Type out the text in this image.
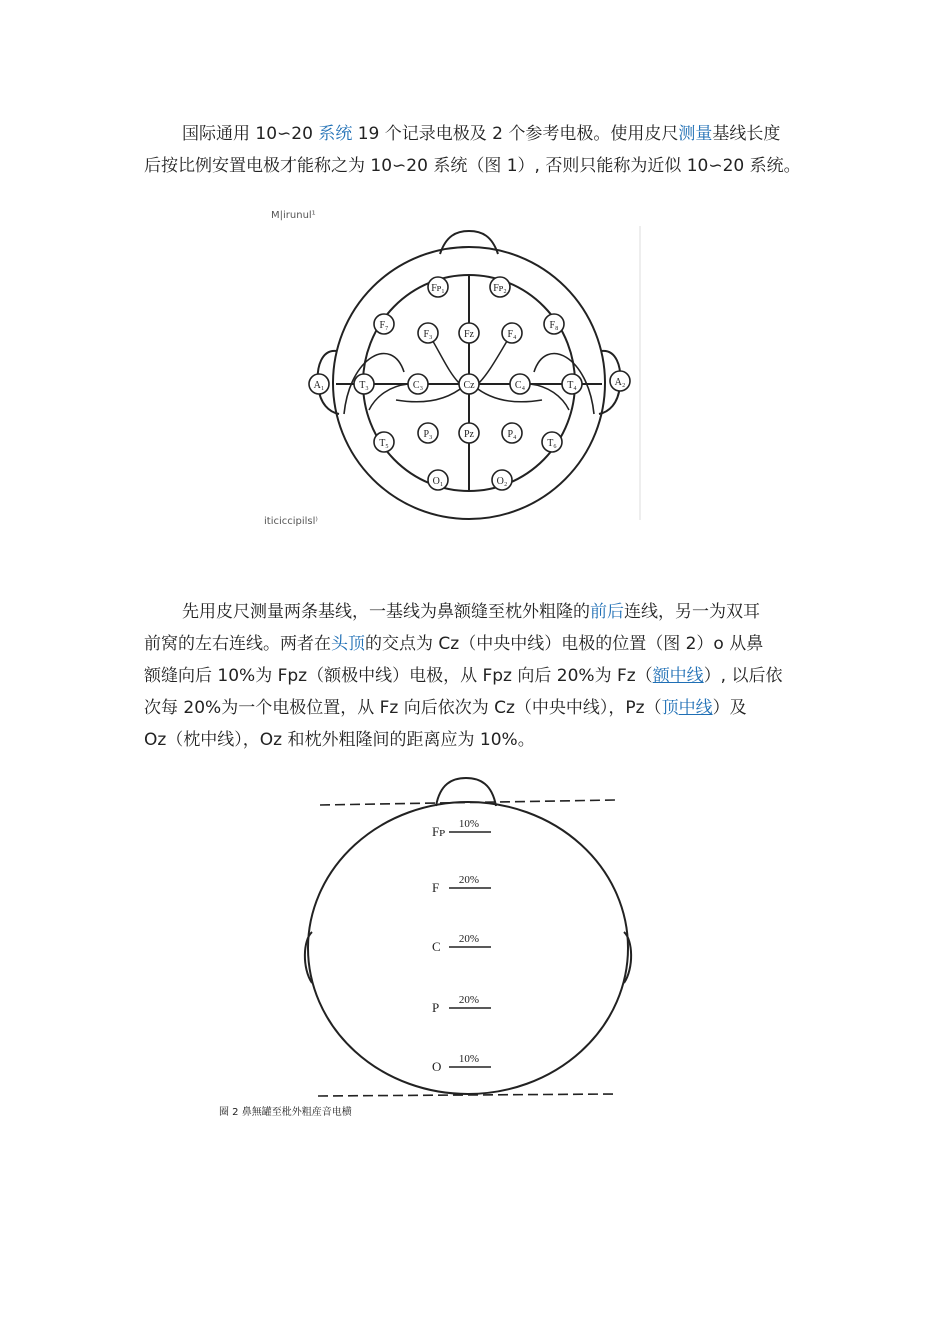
国际通用 10∽20 系统 19 个记录电极及 2 个参考电极。使用皮尺测量基线长度
后按比例安置电极才能称之为 10∽20 系统（图 1）, 否则只能称为近似 10∽20 系统。
M|irunul¹
iticiccipilsl⁾
Fᴘ₁	Fᴘ₂
F₇
F₃	Fᴢ	F₄
F₈
A₁	T₃	C₃	Cᴢ	C₄	T₄	A₂
T₅
P₃	Pᴢ	P₄
T₆
O₁	O₂
先用皮尺测量两条基线，一基线为鼻额缝至枕外粗隆的前后连线，另一为双耳
前窝的左右连线。两者在头顶的交点为 Cz（中央中线）电极的位置（图 2）o 从鼻
额缝向后 10%为 Fpz（额极中线）电极，从 Fpz 向后 20%为 Fz（额中线）, 以后依
次每 20%为一个电极位置，从 Fz 向后依次为 Cz（中央中线），Pz（顶中线）及
Oz（枕中线），Oz 和枕外粗隆间的距离应为 10%。
Fᴘ 10%
F 20%
C 20%
P 20%
O 10%
圈 2 鼻無罐至枇外粗産音电横
